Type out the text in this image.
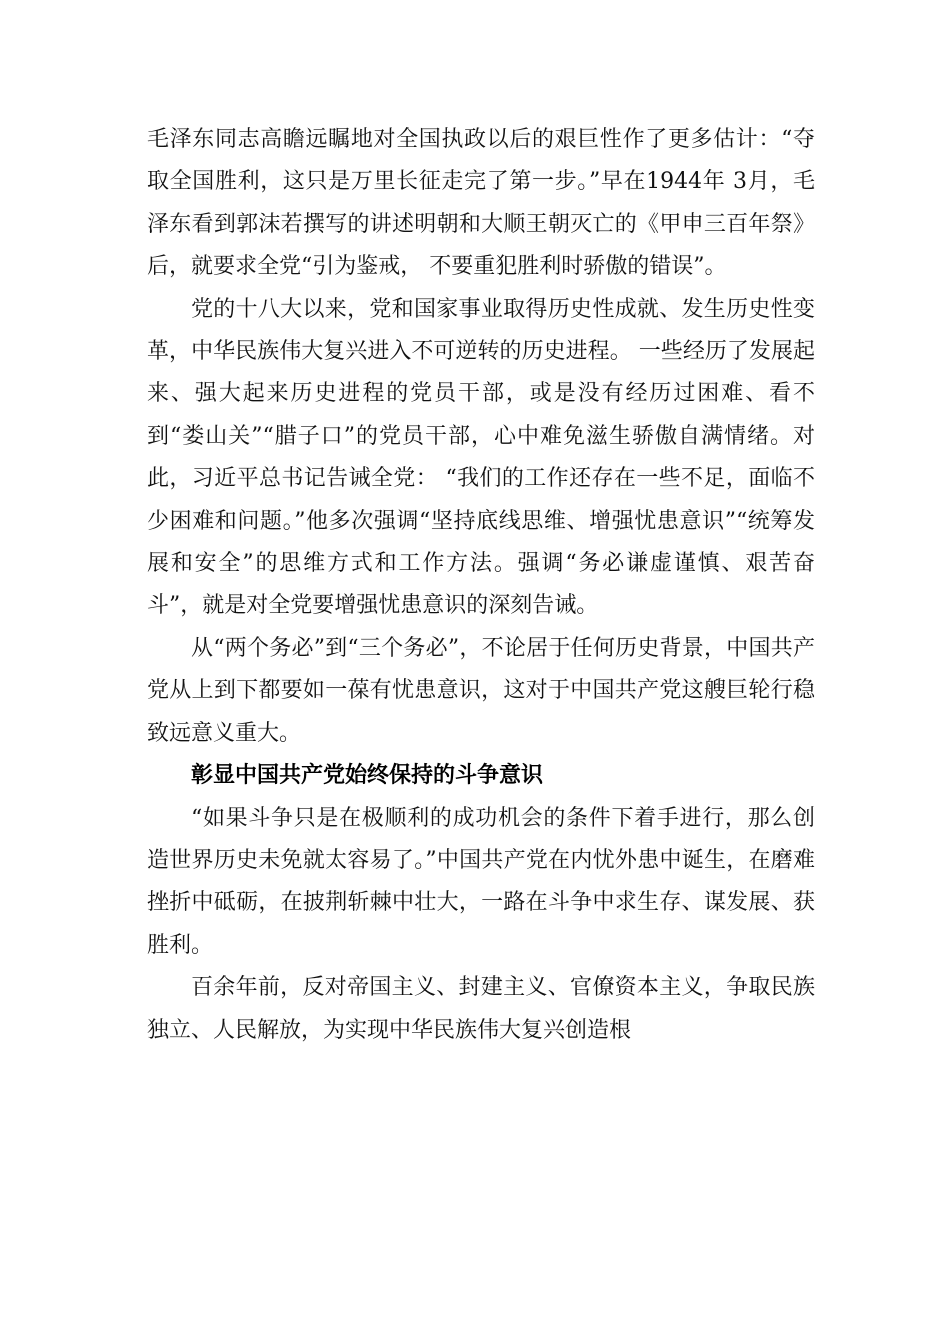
毛泽东同志高瞻远瞩地对全国执政以后的艰巨性作了更多估计：“夺取全国胜利，这只是万里长征走完了第一步。”早在1944年 3月，毛泽东看到郭沫若撰写的讲述明朝和大顺王朝灭亡的《甲申三百年祭》后，就要求全党“引为鉴戒， 不要重犯胜利时骄傲的错误”。

党的十八大以来，党和国家事业取得历史性成就、发生历史性变革，中华民族伟大复兴进入不可逆转的历史进程。 一些经历了发展起来、强大起来历史进程的党员干部，或是没有经历过困难、看不到“娄山关”“腊子口”的党员干部，心中难免滋生骄傲自满情绪。对此，习近平总书记告诫全党： “我们的工作还存在一些不足，面临不少困难和问题。”他多次强调“坚持底线思维、增强忧患意识”“统筹发展和安全”的思维方式和工作方法。强调“务必谦虚谨慎、艰苦奋斗”，就是对全党要增强忧患意识的深刻告诫。

从“两个务必”到“三个务必”，不论居于任何历史背景，中国共产党从上到下都要如一葆有忧患意识，这对于中国共产党这艘巨轮行稳致远意义重大。

彰显中国共产党始终保持的斗争意识

“如果斗争只是在极顺利的成功机会的条件下着手进行，那么创造世界历史未免就太容易了。”中国共产党在内忧外患中诞生，在磨难挫折中砥砺，在披荆斩棘中壮大，一路在斗争中求生存、谋发展、获胜利。

百余年前，反对帝国主义、封建主义、官僚资本主义，争取民族独立、人民解放，为实现中华民族伟大复兴创造根
